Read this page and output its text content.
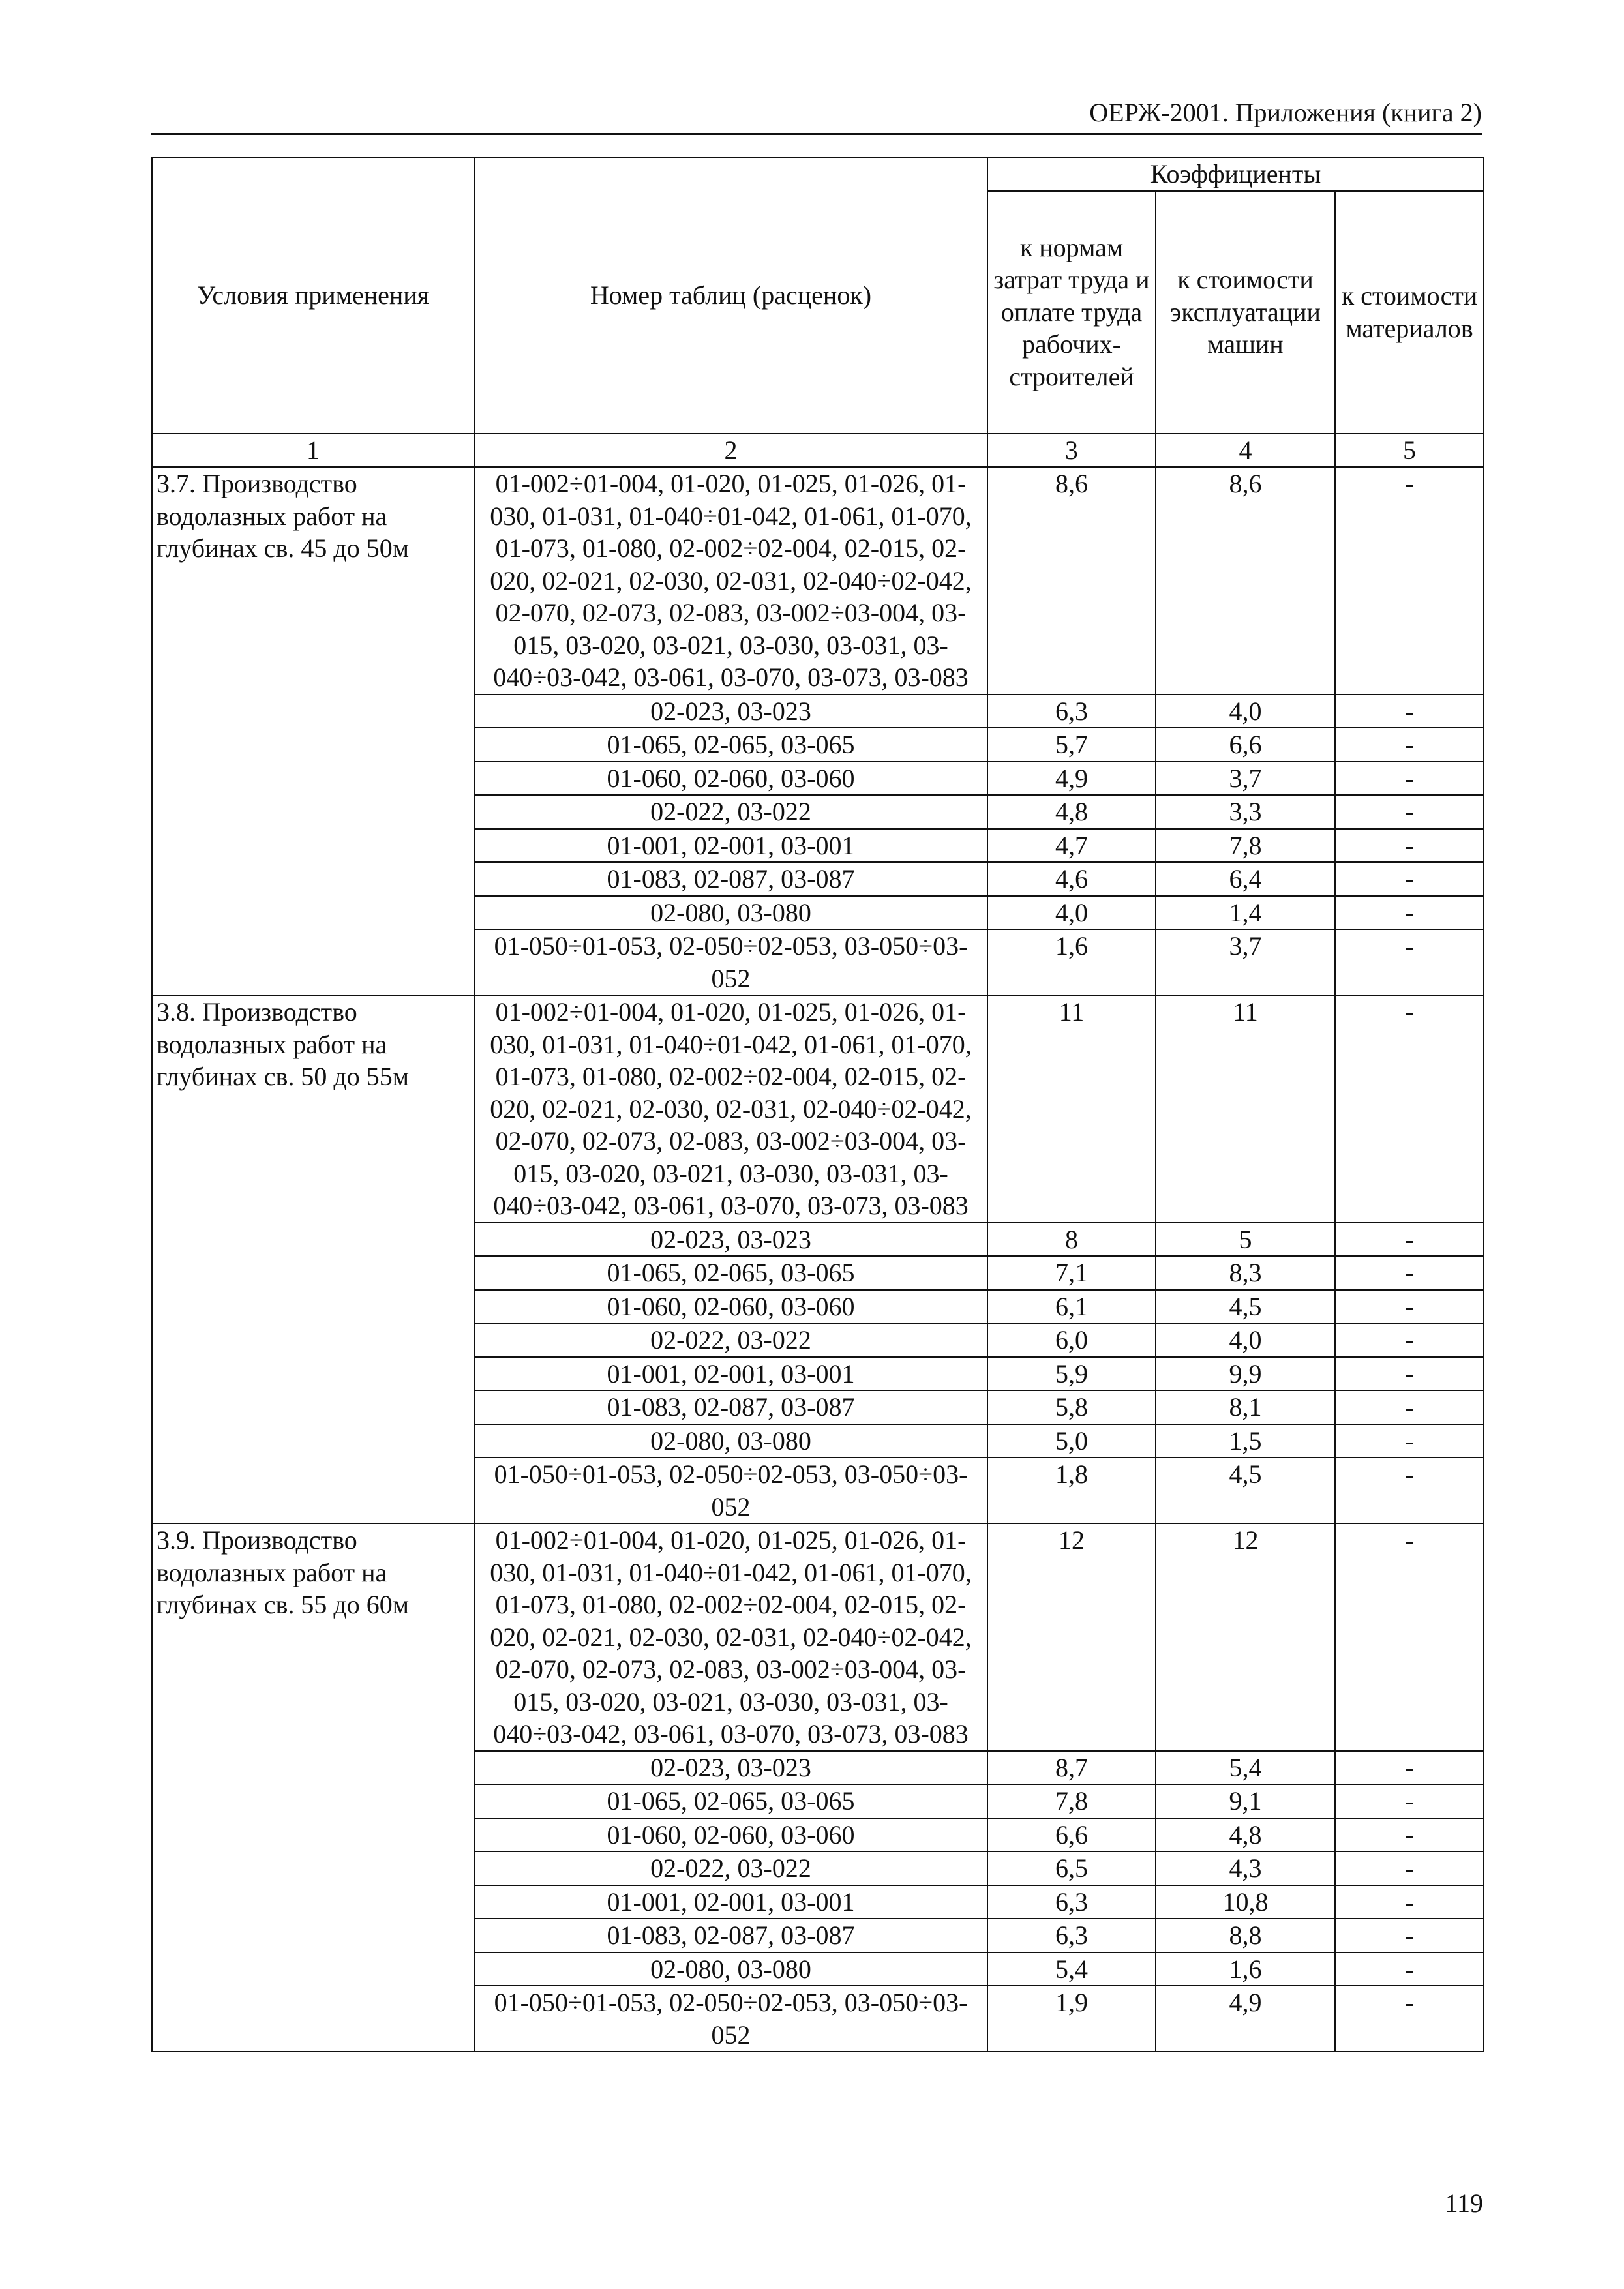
ОЕРЖ-2001. Приложения (книга 2)
Условия применения	Номер таблиц (расценок)	Коэффициенты		
		к нормам затрат труда и оплате труда рабочих-строителей	к стоимости эксплуатации машин	к стоимости материалов
1	2	3	4	5
3.7. Производство водолазных работ на глубинах св. 45 до 50м	01-002÷01-004, 01-020, 01-025, 01-026, 01-030, 01-031, 01-040÷01-042, 01-061, 01-070, 01-073, 01-080, 02-002÷02-004, 02-015, 02-020, 02-021, 02-030, 02-031, 02-040÷02-042, 02-070, 02-073, 02-083, 03-002÷03-004, 03-015, 03-020, 03-021, 03-030, 03-031, 03-040÷03-042, 03-061, 03-070, 03-073, 03-083	8,6	8,6	-
	02-023, 03-023	6,3	4,0	-
	01-065, 02-065, 03-065	5,7	6,6	-
	01-060, 02-060, 03-060	4,9	3,7	-
	02-022, 03-022	4,8	3,3	-
	01-001, 02-001, 03-001	4,7	7,8	-
	01-083, 02-087, 03-087	4,6	6,4	-
	02-080, 03-080	4,0	1,4	-
	01-050÷01-053, 02-050÷02-053, 03-050÷03-052	1,6	3,7	-
3.8. Производство водолазных работ на глубинах св. 50 до 55м	01-002÷01-004, 01-020, 01-025, 01-026, 01-030, 01-031, 01-040÷01-042, 01-061, 01-070, 01-073, 01-080, 02-002÷02-004, 02-015, 02-020, 02-021, 02-030, 02-031, 02-040÷02-042, 02-070, 02-073, 02-083, 03-002÷03-004, 03-015, 03-020, 03-021, 03-030, 03-031, 03-040÷03-042, 03-061, 03-070, 03-073, 03-083	11	11	-
	02-023, 03-023	8	5	-
	01-065, 02-065, 03-065	7,1	8,3	-
	01-060, 02-060, 03-060	6,1	4,5	-
	02-022, 03-022	6,0	4,0	-
	01-001, 02-001, 03-001	5,9	9,9	-
	01-083, 02-087, 03-087	5,8	8,1	-
	02-080, 03-080	5,0	1,5	-
	01-050÷01-053, 02-050÷02-053, 03-050÷03-052	1,8	4,5	-
3.9. Производство водолазных работ на глубинах св. 55 до 60м	01-002÷01-004, 01-020, 01-025, 01-026, 01-030, 01-031, 01-040÷01-042, 01-061, 01-070, 01-073, 01-080, 02-002÷02-004, 02-015, 02-020, 02-021, 02-030, 02-031, 02-040÷02-042, 02-070, 02-073, 02-083, 03-002÷03-004, 03-015, 03-020, 03-021, 03-030, 03-031, 03-040÷03-042, 03-061, 03-070, 03-073, 03-083	12	12	-
	02-023, 03-023	8,7	5,4	-
	01-065, 02-065, 03-065	7,8	9,1	-
	01-060, 02-060, 03-060	6,6	4,8	-
	02-022, 03-022	6,5	4,3	-
	01-001, 02-001, 03-001	6,3	10,8	-
	01-083, 02-087, 03-087	6,3	8,8	-
	02-080, 03-080	5,4	1,6	-
	01-050÷01-053, 02-050÷02-053, 03-050÷03-052	1,9	4,9	-
119
